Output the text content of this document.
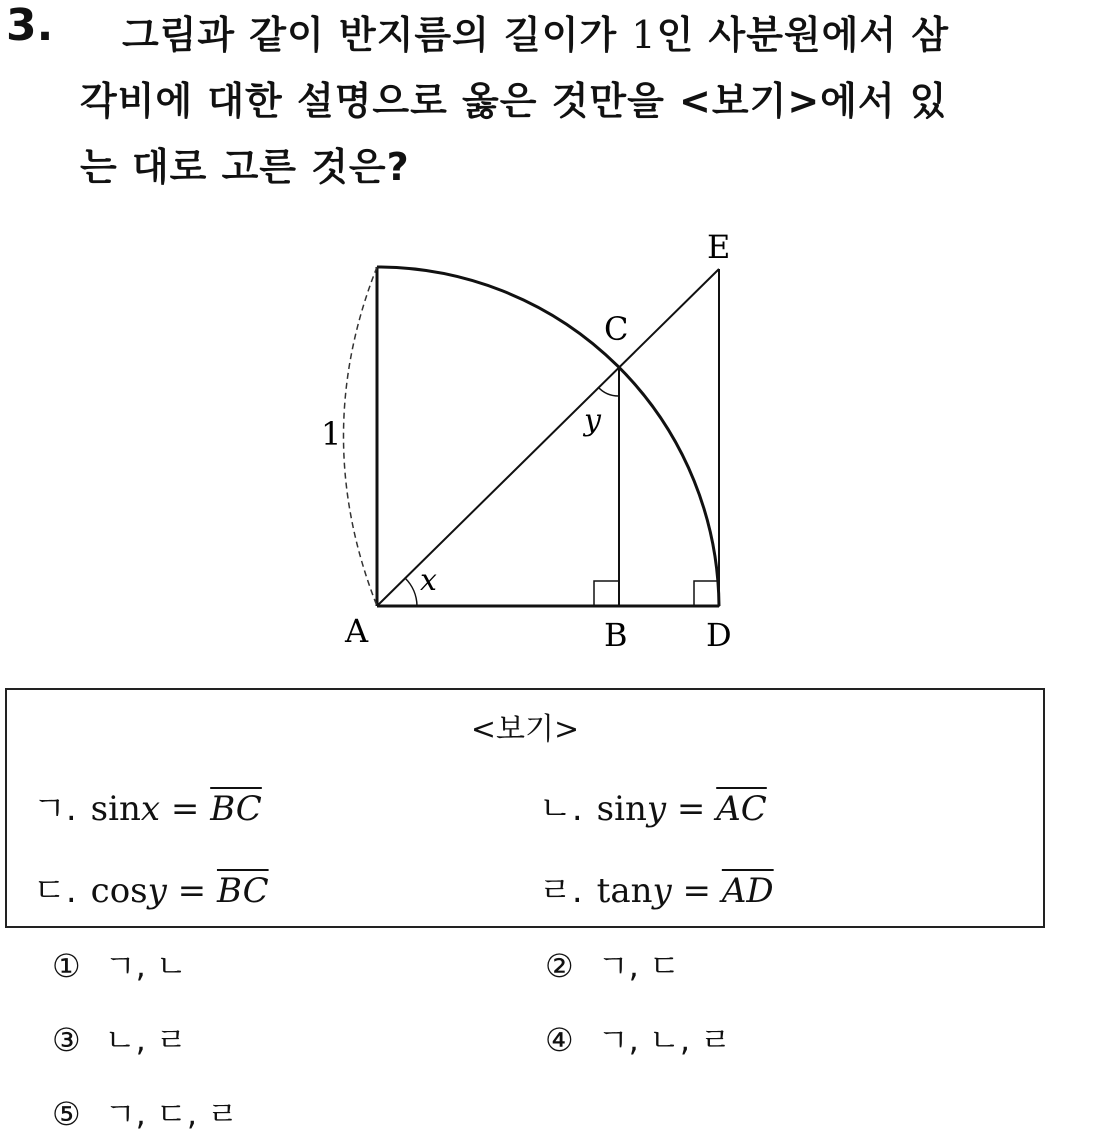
3. 그림과 같이 반지름의 길이가 1인 사분원에서 삼
각비에 대한 설명으로 옳은 것만을 <보기>에서 있
는 대로 고른 것은?
A	B
C
D
E
1
x
y
<보기>
ㄱ. $\sin x = \overline{BC}$	ㄴ. $\sin y = \overline{AC}$
ㄷ. $\cos y = \overline{BC}$	ㄹ. $\tan y = \overline{AD}$
① ㄱ, ㄴ	② ㄱ, ㄷ
③ ㄴ, ㄹ	④ ㄱ, ㄴ, ㄹ
⑤ ㄱ, ㄷ, ㄹ
